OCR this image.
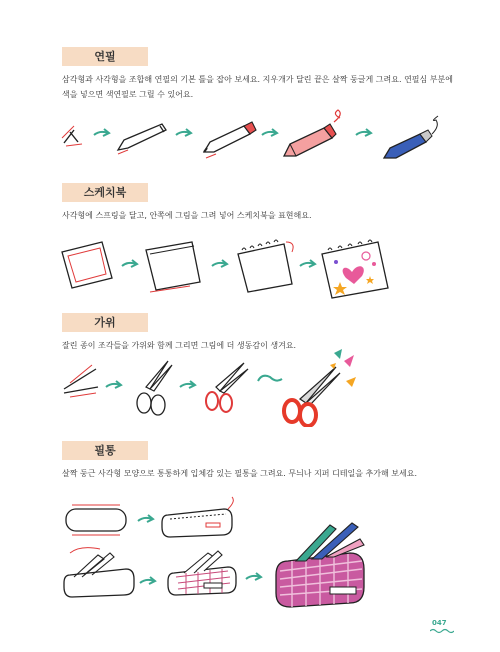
연필
삼각형과 사각형을 조합해 연필의 기본 틀을 잡아 보세요. 지우개가 달린 끝은 살짝 둥글게 그려요. 연필심 부분에 색을 넣으면 색연필로 그릴 수 있어요.
스케치북
사각형에 스프링을 달고, 안쪽에 그림을 그려 넣어 스케치북을 표현해요.
가위
잘린 종이 조각들을 가위와 함께 그리면 그림에 더 생동감이 생겨요.
필통
살짝 둥근 사각형 모양으로 통통하게 입체감 있는 필통을 그려요. 무늬나 지퍼 디테일을 추가해 보세요.
047
